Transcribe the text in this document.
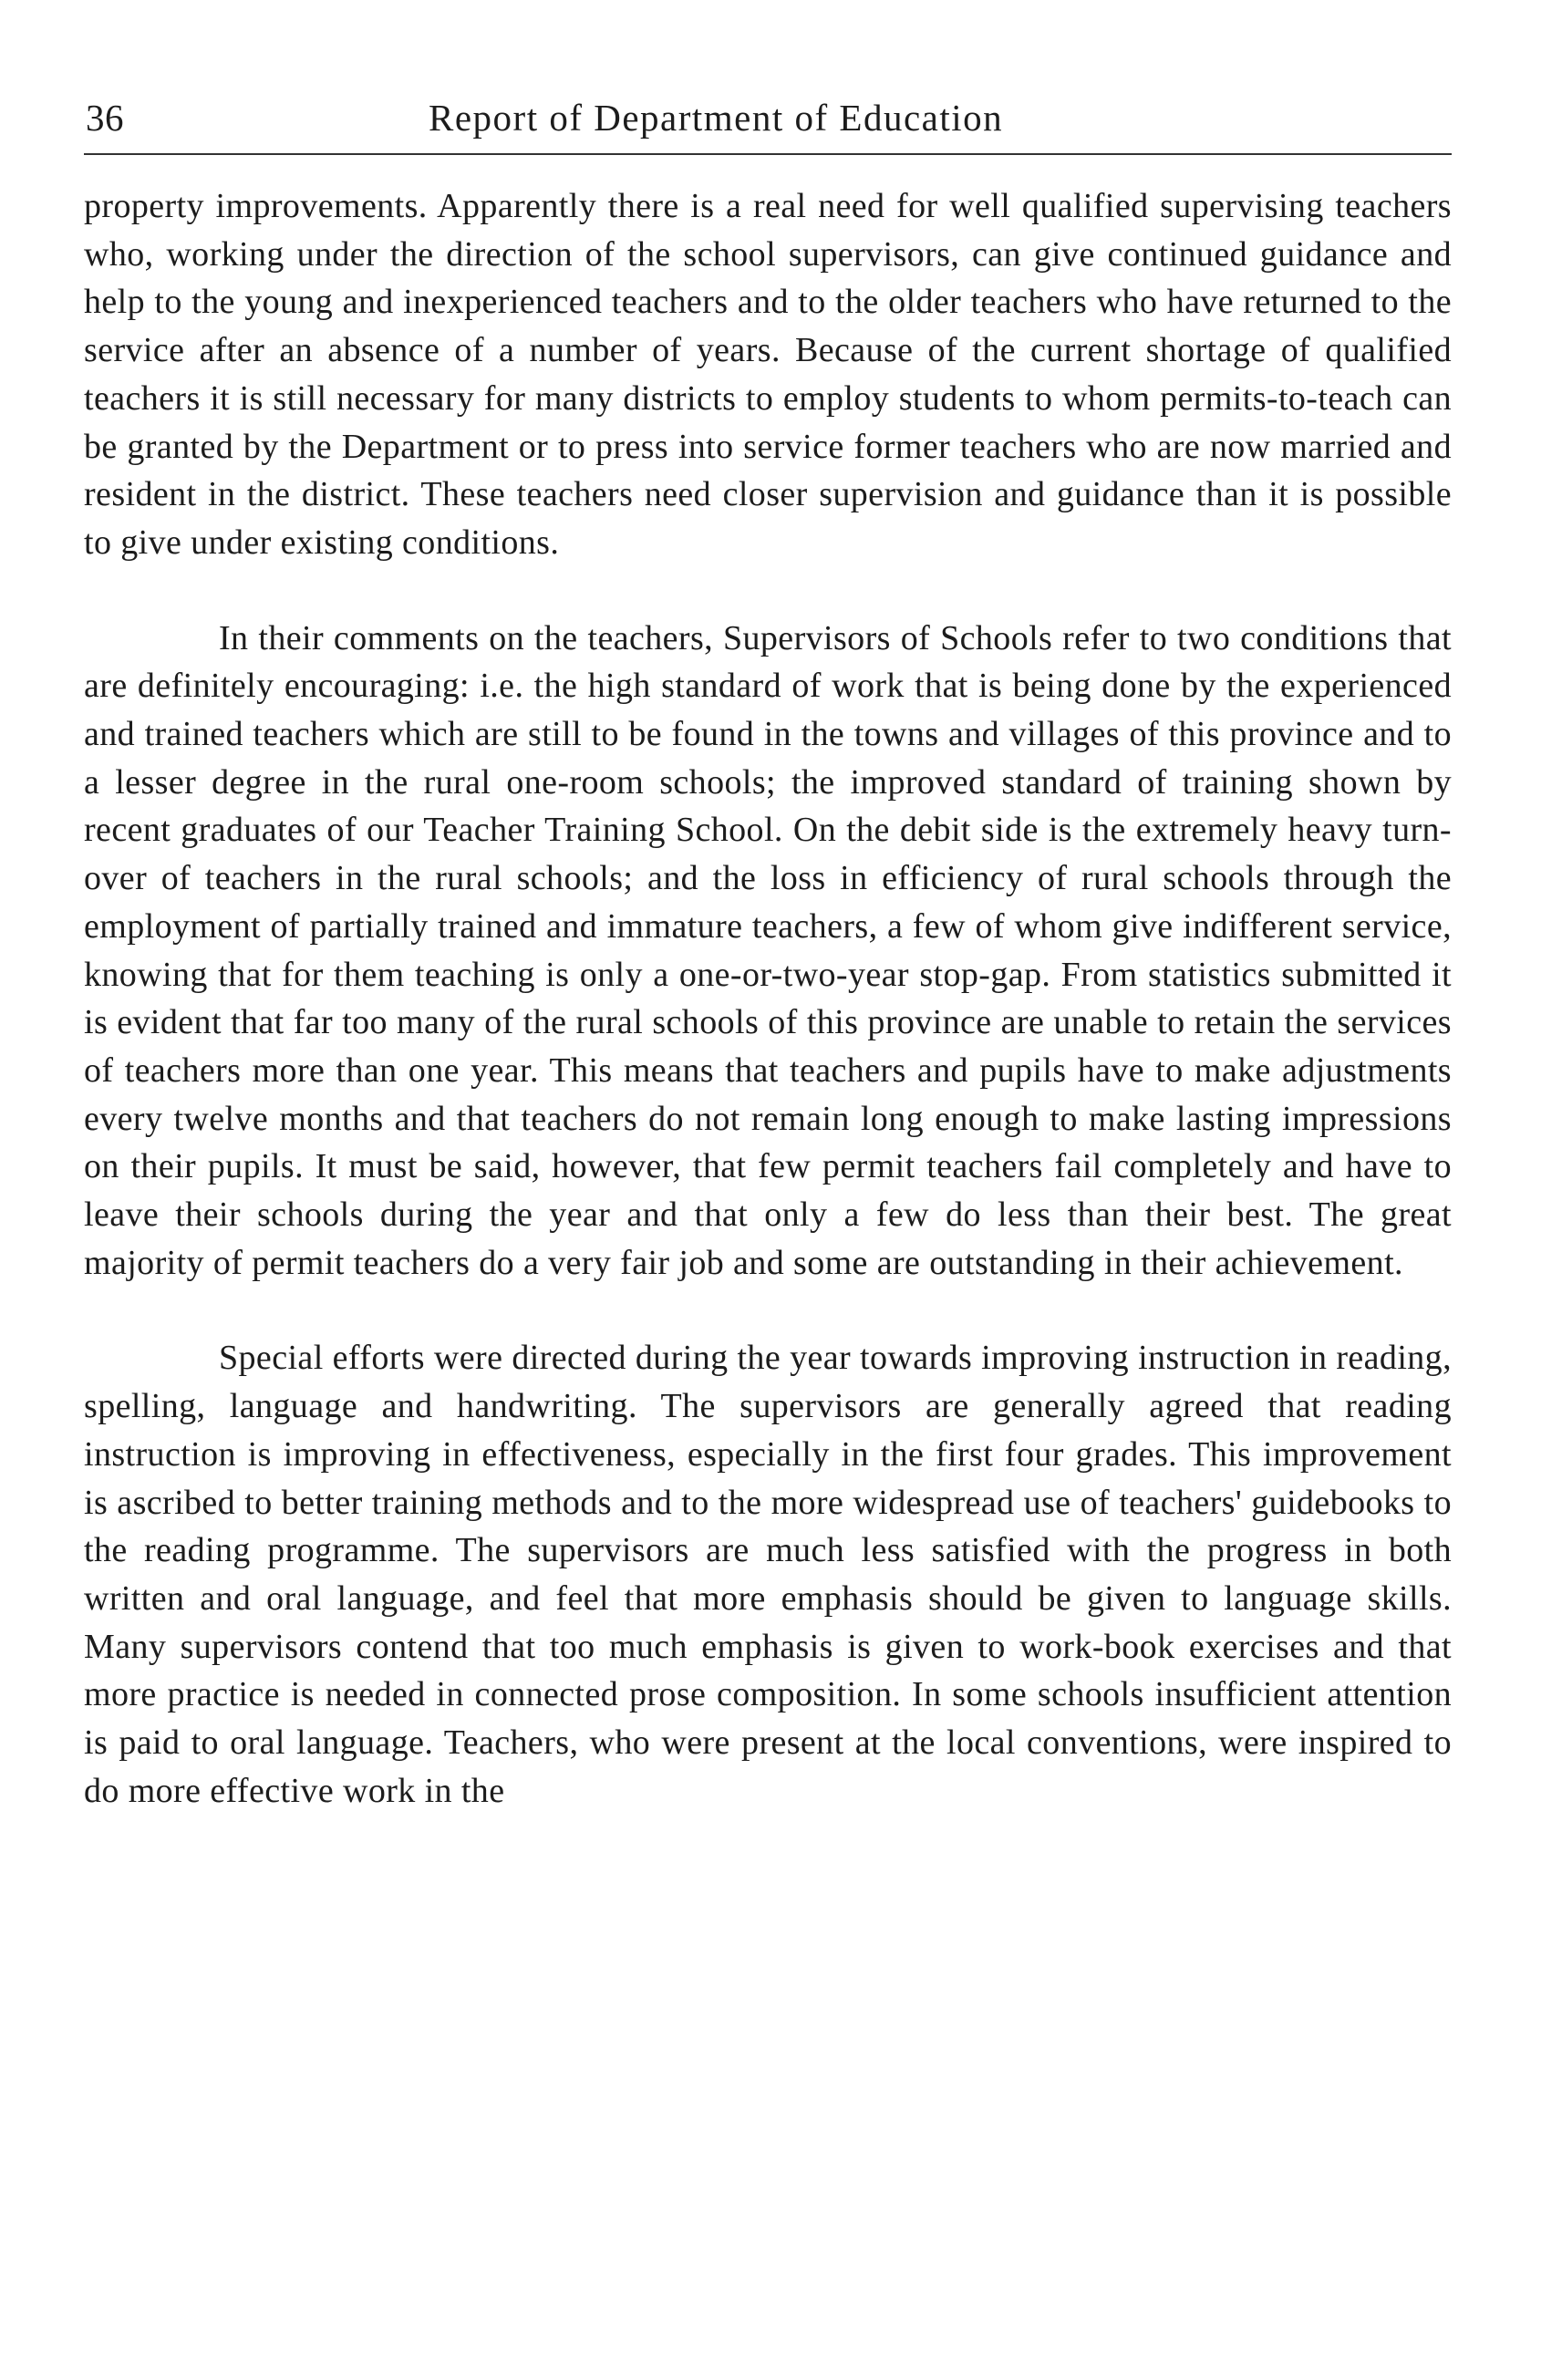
36	Report of Department of Education

property improvements. Apparently there is a real need for well qualified supervising teachers who, working under the direction of the school supervisors, can give continued guidance and help to the young and inexperienced teachers and to the older teachers who have returned to the service after an absence of a number of years. Because of the current shortage of qualified teachers it is still necessary for many districts to employ students to whom permits-to-teach can be granted by the Department or to press into service former teachers who are now married and resident in the district. These teachers need closer supervision and guidance than it is possible to give under existing conditions.

In their comments on the teachers, Supervisors of Schools refer to two conditions that are definitely encouraging: i.e. the high standard of work that is being done by the experienced and trained teachers which are still to be found in the towns and villages of this province and to a lesser degree in the rural one-room schools; the improved standard of training shown by recent graduates of our Teacher Training School. On the debit side is the extremely heavy turn-over of teachers in the rural schools; and the loss in efficiency of rural schools through the employment of partially trained and immature teachers, a few of whom give indifferent service, knowing that for them teaching is only a one-or-two-year stop-gap. From statistics submitted it is evident that far too many of the rural schools of this province are unable to retain the services of teachers more than one year. This means that teachers and pupils have to make adjustments every twelve months and that teachers do not remain long enough to make lasting impressions on their pupils. It must be said, however, that few permit teachers fail completely and have to leave their schools during the year and that only a few do less than their best. The great majority of permit teachers do a very fair job and some are outstanding in their achievement.

Special efforts were directed during the year towards improving instruction in reading, spelling, language and handwriting. The supervisors are generally agreed that reading instruction is improving in effectiveness, especially in the first four grades. This improvement is ascribed to better training methods and to the more widespread use of teachers' guidebooks to the reading programme. The supervisors are much less satisfied with the progress in both written and oral language, and feel that more emphasis should be given to language skills. Many supervisors contend that too much emphasis is given to work-book exercises and that more practice is needed in connected prose composition. In some schools insufficient attention is paid to oral language. Teachers, who were present at the local conventions, were inspired to do more effective work in the
